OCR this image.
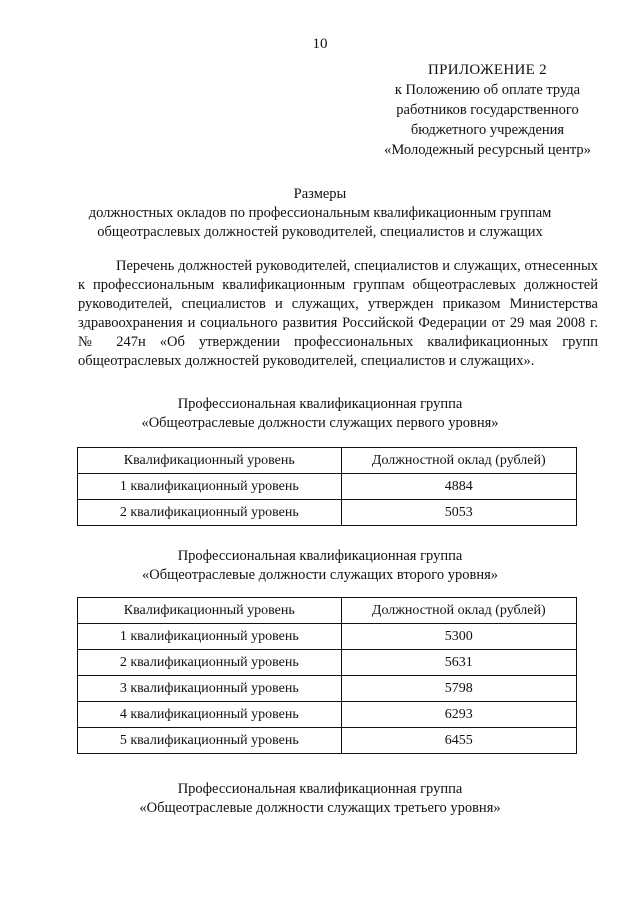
10
ПРИЛОЖЕНИЕ 2
к Положению об оплате труда
работников государственного
бюджетного учреждения
«Молодежный ресурсный центр»
Размеры
должностных окладов по профессиональным квалификационным группам
общеотраслевых должностей руководителей, специалистов и служащих
Перечень должностей руководителей, специалистов и служащих, отнесенных к профессиональным квалификационным группам общеотраслевых должностей руководителей, специалистов и служащих, утвержден приказом Министерства здравоохранения и социального развития Российской Федерации от 29 мая 2008 г. № 247н «Об утверждении профессиональных квалификационных групп общеотраслевых должностей руководителей, специалистов и служащих».
Профессиональная квалификационная группа
«Общеотраслевые должности служащих первого уровня»
Квалификационный уровень	Должностной оклад (рублей)
1 квалификационный уровень	4884
2 квалификационный уровень	5053
Профессиональная квалификационная группа
«Общеотраслевые должности служащих второго уровня»
Квалификационный уровень	Должностной оклад (рублей)
1 квалификационный уровень	5300
2 квалификационный уровень	5631
3 квалификационный уровень	5798
4 квалификационный уровень	6293
5 квалификационный уровень	6455
Профессиональная квалификационная группа
«Общеотраслевые должности служащих третьего уровня»
